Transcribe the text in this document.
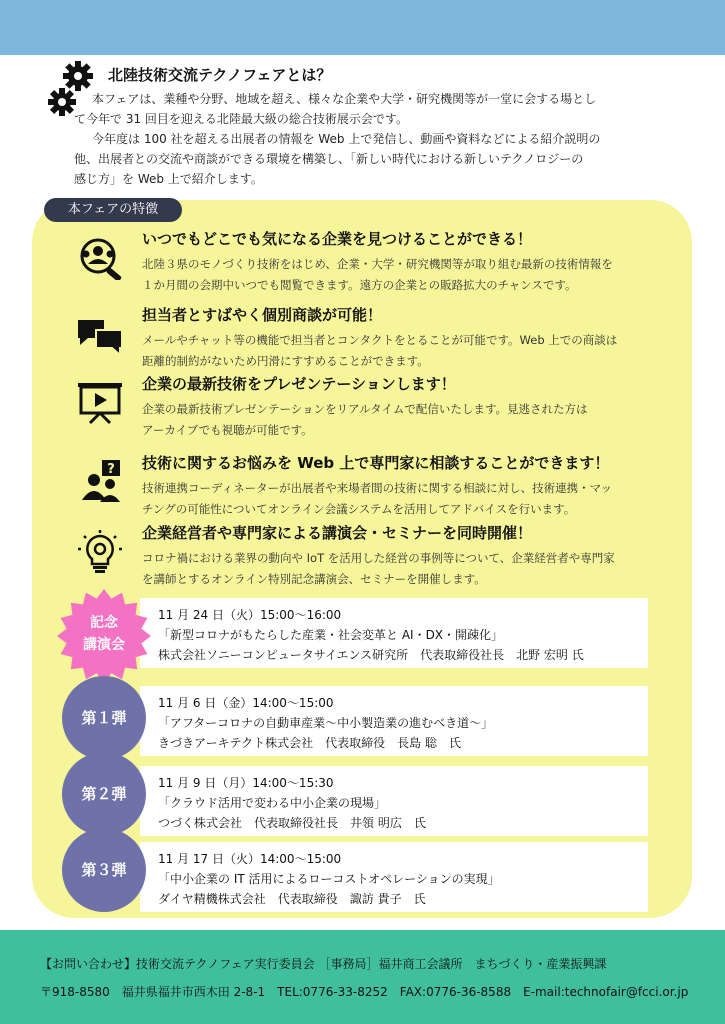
北陸技術交流テクノフェアとは？

本フェアは、業種や分野、地域を超え、様々な企業や大学・研究機関等が一堂に会する場とし

て今年で 31 回目を迎える北陸最大級の総合技術展示会です。

今年度は 100 社を超える出展者の情報を Web 上で発信し、動画や資料などによる紹介説明の

他、出展者との交流や商談ができる環境を構築し、「新しい時代における新しいテクノロジーの

感じ方」を Web 上で紹介します。

本フェアの特徴
いつでもどこでも気になる企業を見つけることができる！
北陸３県のモノづくり技術をはじめ、企業・大学・研究機関等が取り組む最新の技術情報を
１か月間の会期中いつでも閲覧できます。遠方の企業との販路拡大のチャンスです。
担当者とすばやく個別商談が可能！
メールやチャット等の機能で担当者とコンタクトをとることが可能です。Web 上での商談は
距離的制約がないため円滑にすすめることができます。
企業の最新技術をプレゼンテーションします！
企業の最新技術プレゼンテーションをリアルタイムで配信いたします。見逃された方は
アーカイブでも視聴が可能です。
? 技術に関するお悩みを Web 上で専門家に相談することができます！
技術連携コーディネーターが出展者や来場者間の技術に関する相談に対し、技術連携・マッ
チングの可能性についてオンライン会議システムを活用してアドバイスを行います。
企業経営者や専門家による講演会・セミナーを同時開催！
コロナ禍における業界の動向や IoT を活用した経営の事例等について、企業経営者や専門家
を講師とするオンライン特別記念講演会、セミナーを開催します。
11 月 24 日（火）15:00～16:00
「新型コロナがもたらした産業・社会変革と AI・DX・開疎化」
株式会社ソニーコンピュータサイエンス研究所　代表取締役社長　北野 宏明 氏
記念
講演会
11 月 6 日（金）14:00～15:00
「アフターコロナの自動車産業～中小製造業の進むべき道～」
きづきアーキテクト株式会社　代表取締役　長島 聡　氏
第１弾
11 月 9 日（月）14:00～15:30
「クラウド活用で変わる中小企業の現場」
つづく株式会社　代表取締役社長　井領 明広　氏
第２弾
11 月 17 日（火）14:00～15:00
「中小企業の IT 活用によるローコストオペレーションの実現」
ダイヤ精機株式会社　代表取締役　諏訪 貴子　氏
第３弾
【お問い合わせ】技術交流テクノフェア実行委員会 ［事務局］福井商工会議所　まちづくり・産業振興課
〒918-8580　福井県福井市西木田 2-8-1　TEL:0776-33-8252　FAX:0776-36-8588　E-mail:technofair@fcci.or.jp
